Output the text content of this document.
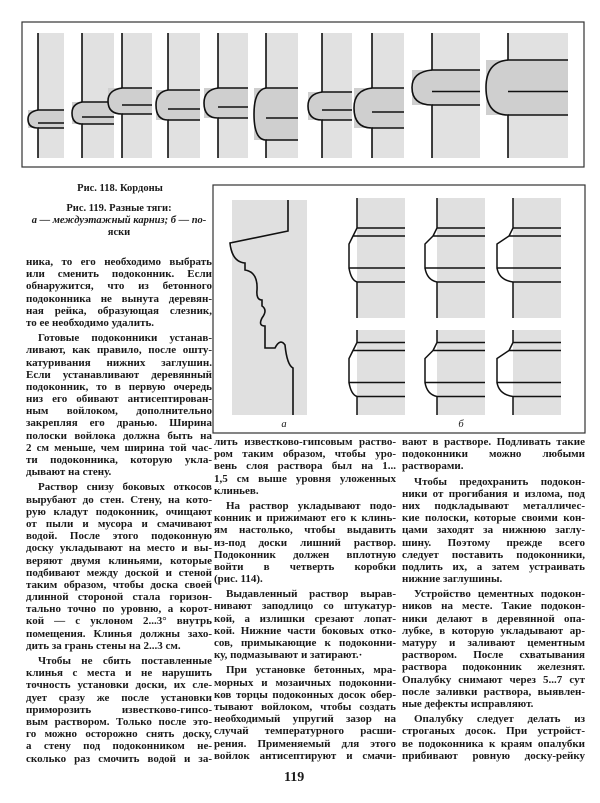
Рис. 118. Кордоны
Рис. 119. Разные тяги:
а — междуэтажный карниз; б — по-
яски
а	б
ника, то его необходимо выбрать
или сменить подоконник. Если
обнаружится, что из бетонного
подоконника не вынута деревян-
ная рейка, образующая слезник,
то ее необходимо удалить.
Готовые подоконники устанав-
ливают, как правило, после ошту-
катуривания нижних заглушин.
Если устанавливают деревянный
подоконник, то в первую очередь
низ его обивают антисептирован-
ным войлоком, дополнительно
закрепляя его дранью. Ширина
полоски войлока должна быть на
2 см меньше, чем ширина той час-
ти подоконника, которую укла-
дывают на стену.
Раствор снизу боковых откосов
вырубают до стен. Стену, на кото-
рую кладут подоконник, очищают
от пыли и мусора и смачивают
водой. После этого подоконную
доску укладывают на место и вы-
веряют двумя клиньями, которые
подбивают между доской и стеной
таким образом, чтобы доска своей
длинной стороной стала горизон-
тально точно по уровню, а корот-
кой — с уклоном 2...3° внутрь
помещения. Клинья должны захо-
дить за грань стены на 2...3 см.
Чтобы не сбить поставленные
клинья с места и не нарушить
точность установки доски, их сле-
дует сразу же после установки
приморозить известково-гипсо-
вым раствором. Только после это-
го можно осторожно снять доску,
а стену под подоконником не-
сколько раз смочить водой и за-
лить известково-гипсовым раство-
ром таким образом, чтобы уро-
вень слоя раствора был на 1...
1,5 см выше уровня уложенных
клиньев.
На раствор укладывают подо-
конник и прижимают его к клинь-
ям настолько, чтобы выдавить
из-под доски лишний раствор.
Подоконник должен вплотную
войти в четверть коробки
(рис. 114).
Выдавленный раствор вырав-
нивают заподлицо со штукатур-
кой, а излишки срезают лопат-
кой. Нижние части боковых отко-
сов, примыкающие к подоконни-
ку, подмазывают и затирают.·
При установке бетонных, мра-
морных и мозаичных подоконни-
ков торцы подоконных досок обер-
тывают войлоком, чтобы создать
необходимый упругий зазор на
случай температурного расши-
рения. Применяемый для этого
войлок антисептируют и смачи-
вают в растворе. Подливать такие
подоконники можно любыми
растворами.
Чтобы предохранить подокон-
ники от прогибания и излома, под
них подкладывают металличес-
кие полоски, которые своими кон-
цами заходят за нижнюю заглу-
шину. Поэтому прежде всего
следует поставить подоконники,
подлить их, а затем устраивать
нижние заглушины.
Устройство цементных подокон-
ников на месте. Такие подокон-
ники делают в деревянной опа-
лубке, в которую укладывают ар-
матуру и заливают цементным
раствором. После схватывания
раствора подоконник железнят.
Опалубку снимают через 5...7 сут
после заливки раствора, выявлен-
ные дефекты исправляют.
Опалубку следует делать из
строганых досок. При устройст-
ве подоконника к краям опалубки
прибивают ровную доску-рейку
119
